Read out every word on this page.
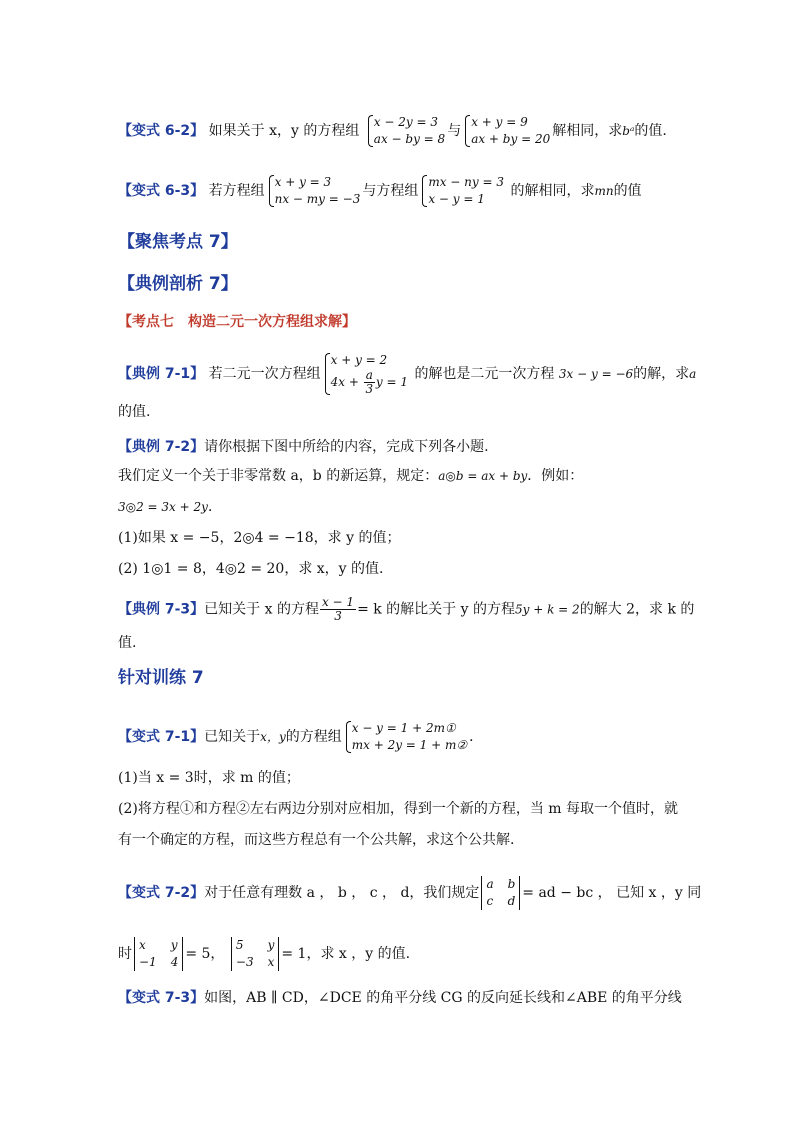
【变式 6-2】 如果关于 x，y 的方程组
x − 2y = 3
ax − by = 8 与
x + y = 9
ax + by = 20 解相同，求bᵃ的值.
【变式 6-3】 若方程组
x + y = 3
nx − my = −3 与方程组
mx − ny = 3
x − y = 1	的解相同，求mn的值
【聚焦考点 7】
【典例剖析 7】
【考点七　构造二元一次方程组求解】
【典例 7-1】 若二元一次方程组
x + y = 2
$4x + \frac{a}{3}$ y = 1 的解也是二元一次方程 3x − y = −6的解，求a
的值.
【典例 7-2】请你根据下图中所给的内容，完成下列各小题.
我们定义一个关于非零常数 a，b 的新运算，规定：a◎b = ax + by．例如：
3◎2 = 3x + 2y．
(1)如果 x = −5，2◎4 = −18，求 y 的值；
(2) 1◎1 = 8，4◎2 = 20，求 x，y 的值.
【典例 7-3】已知关于 x 的方程 $\frac{x - 1}{3} = k$ 的解比关于 y 的方程5y + k = 2的解大 2，求 k 的
值.
针对训练 7
【变式 7-1】已知关于x，y的方程组
x − y = 1 + 2m①
mx + 2y = 1 + m② ．
(1)当 x = 3时，求 m 的值；
(2)将方程①和方程②左右两边分别对应相加，得到一个新的方程，当 m 每取一个值时，就
有一个确定的方程，而这些方程总有一个公共解，求这个公共解.
【变式 7-2】对于任意有理数 a ， b ， c ， d，我们规定
a b
c d = ad − bc ， 已知 x ，y 同
时
x	y
−1 4 = 5，
5	y
−3 x = 1，求 x ，y 的值.
【变式 7-3】如图，AB ∥ CD，∠DCE 的角平分线 CG 的反向延长线和∠ABE 的角平分线
